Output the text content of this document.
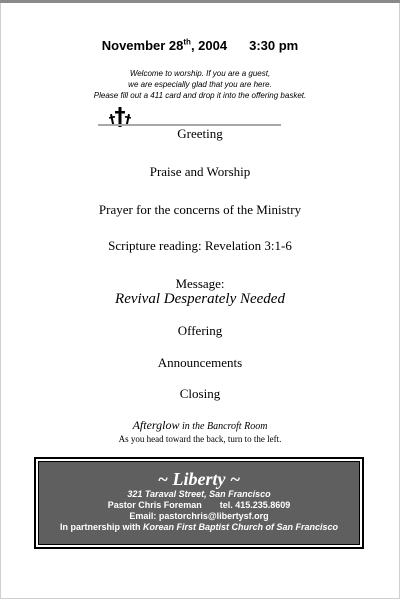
November 28th, 2004 3:30 pm
Welcome to worship. If you are a guest,
we are especially glad that you are here.
Please fill out a 411 card and drop it into the offering basket.
Greeting
Praise and Worship
Prayer for the concerns of the Ministry
Scripture reading: Revelation 3:1-6
Message:
Revival Desperately Needed
Offering
Announcements
Closing
Afterglow in the Bancroft Room
As you head toward the back, turn to the left.
~ Liberty ~
321 Taraval Street, San Francisco
Pastor Chris Foreman tel. 415.235.8609
Email: pastorchris@libertysf.org
In partnership with Korean First Baptist Church of San Francisco
